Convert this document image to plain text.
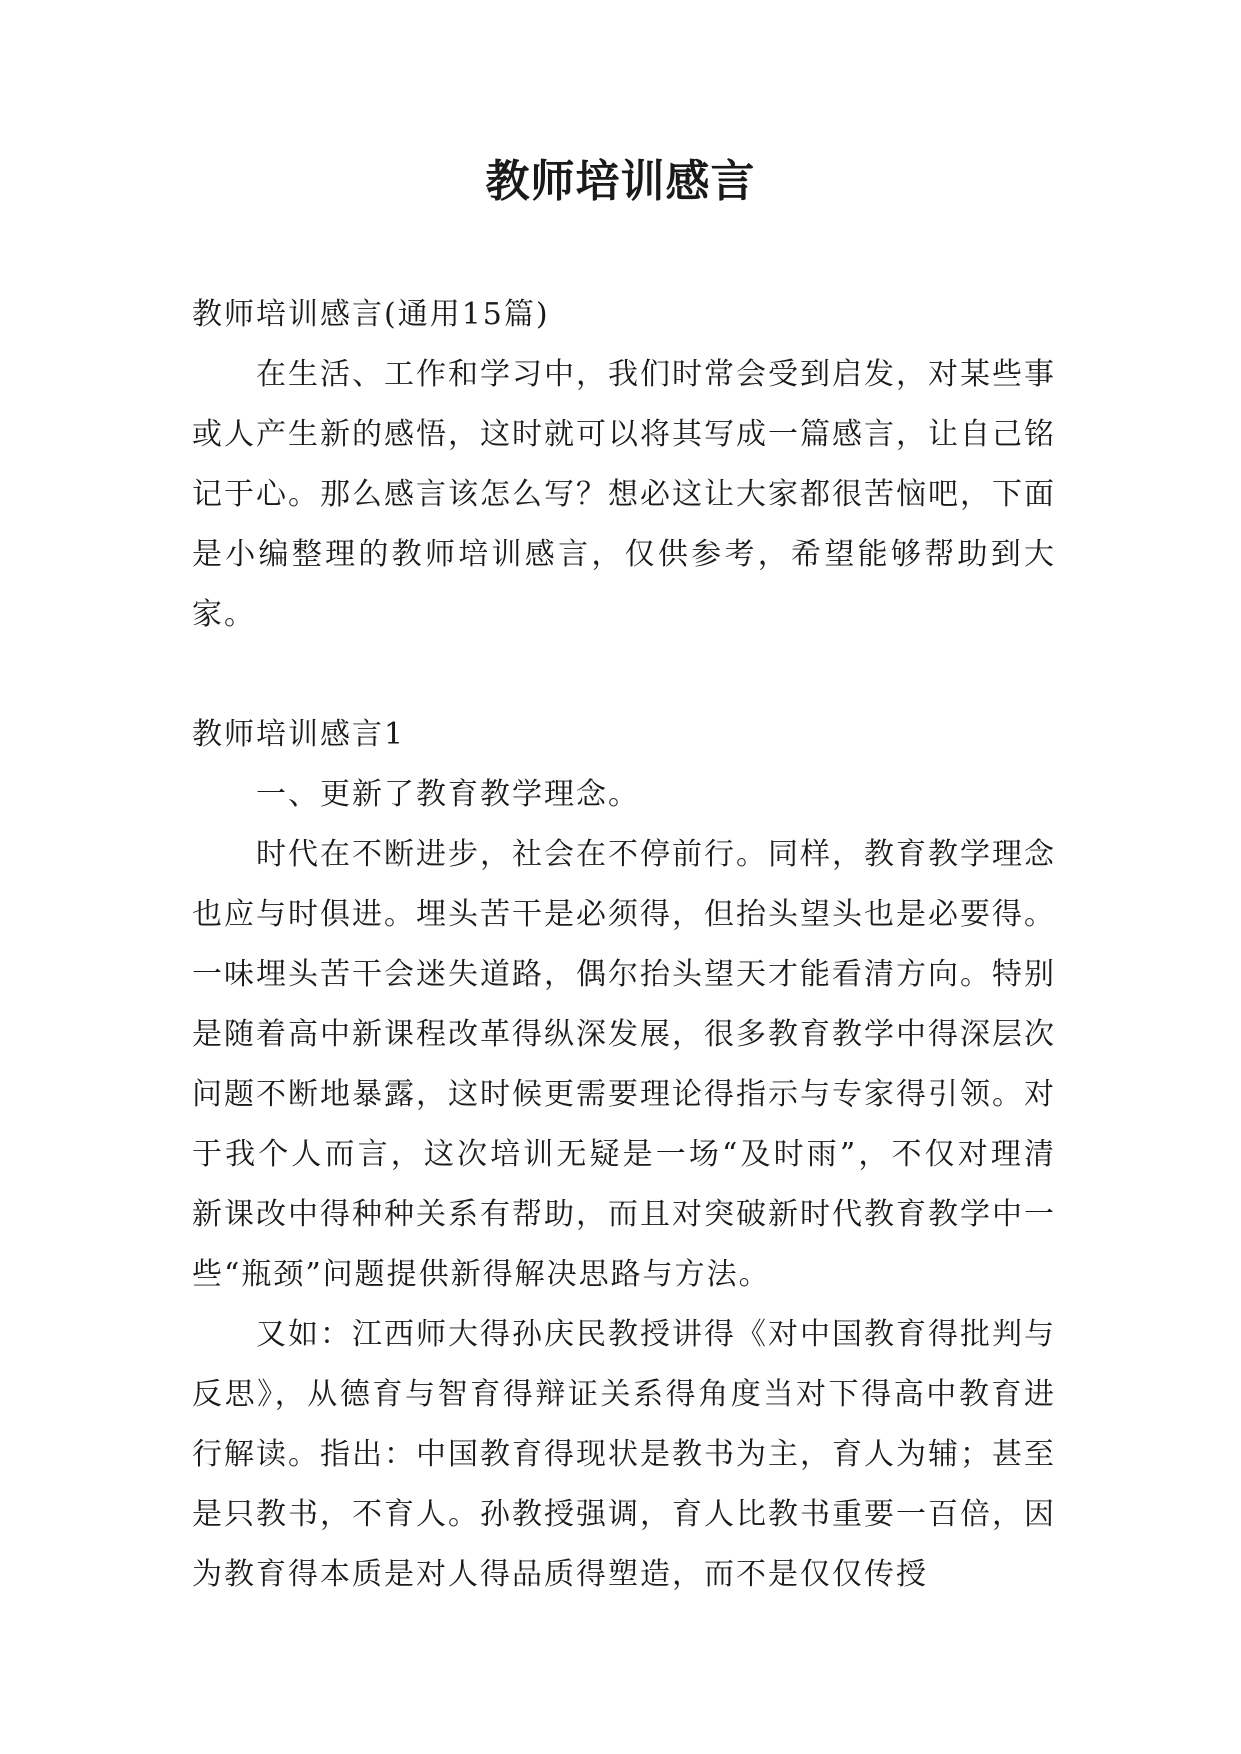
教师培训感言

教师培训感言(通用15篇)

在生活、工作和学习中，我们时常会受到启发，对某些事或人产生新的感悟，这时就可以将其写成一篇感言，让自己铭记于心。那么感言该怎么写？想必这让大家都很苦恼吧，下面是小编整理的教师培训感言，仅供参考，希望能够帮助到大家。

教师培训感言1

一、更新了教育教学理念。

时代在不断进步，社会在不停前行。同样，教育教学理念也应与时俱进。埋头苦干是必须得，但抬头望头也是必要得。一味埋头苦干会迷失道路，偶尔抬头望天才能看清方向。特别是随着高中新课程改革得纵深发展，很多教育教学中得深层次问题不断地暴露，这时候更需要理论得指示与专家得引领。对于我个人而言，这次培训无疑是一场“及时雨”，不仅对理清新课改中得种种关系有帮助，而且对突破新时代教育教学中一些“瓶颈”问题提供新得解决思路与方法。

又如：江西师大得孙庆民教授讲得《对中国教育得批判与反思》，从德育与智育得辩证关系得角度当对下得高中教育进行解读。指出：中国教育得现状是教书为主，育人为辅；甚至是只教书，不育人。孙教授强调，育人比教书重要一百倍，因为教育得本质是对人得品质得塑造，而不是仅仅传授
